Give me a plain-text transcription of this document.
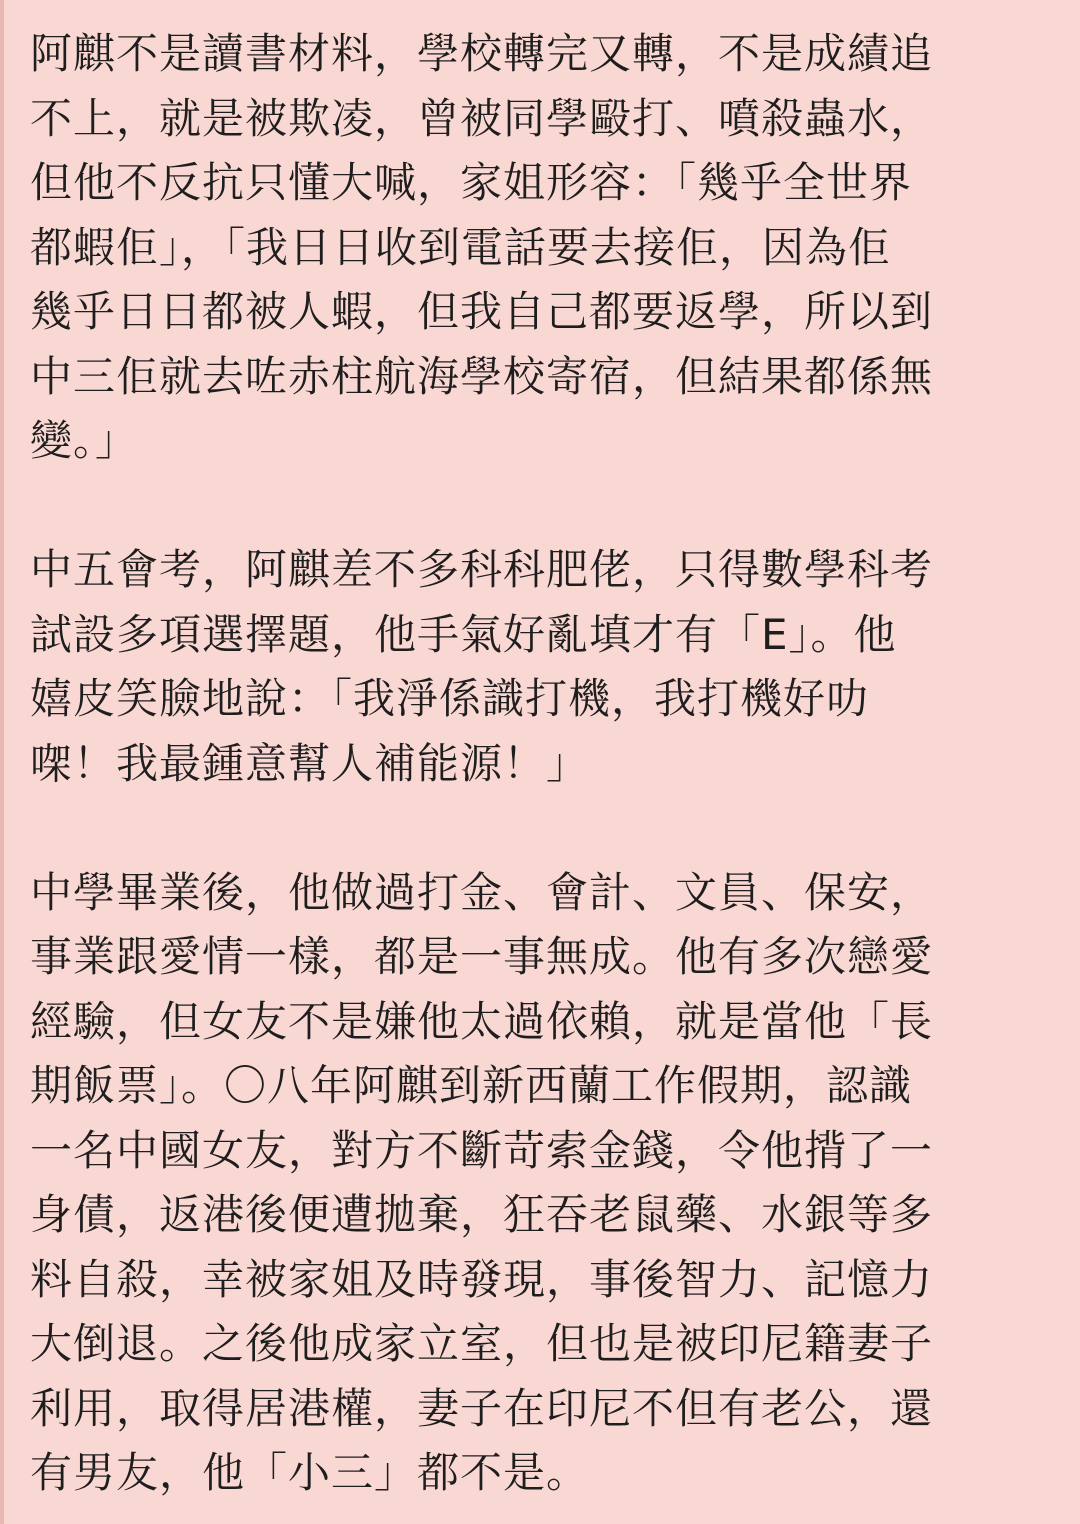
阿麒不是讀書材料，學校轉完又轉，不是成績追
不上，就是被欺凌，曾被同學毆打、噴殺蟲水，
但他不反抗只懂大喊，家姐形容：「幾乎全世界
都蝦佢」，「我日日收到電話要去接佢，因為佢
幾乎日日都被人蝦，但我自己都要返學，所以到
中三佢就去咗赤柱航海學校寄宿，但結果都係無
變。」
中五會考，阿麒差不多科科肥佬，只得數學科考
試設多項選擇題，他手氣好亂填才有「E」。他
嬉皮笑臉地說：「我淨係識打機，我打機好叻
㗎！我最鍾意幫人補能源！」
中學畢業後，他做過打金、會計、文員、保安，
事業跟愛情一樣，都是一事無成。他有多次戀愛
經驗，但女友不是嫌他太過依賴，就是當他「長
期飯票」。〇八年阿麒到新西蘭工作假期，認識
一名中國女友，對方不斷苛索金錢，令他揹了一
身債，返港後便遭拋棄，狂吞老鼠藥、水銀等多
料自殺，幸被家姐及時發現，事後智力、記憶力
大倒退。之後他成家立室，但也是被印尼籍妻子
利用，取得居港權，妻子在印尼不但有老公，還
有男友，他「小三」都不是。
